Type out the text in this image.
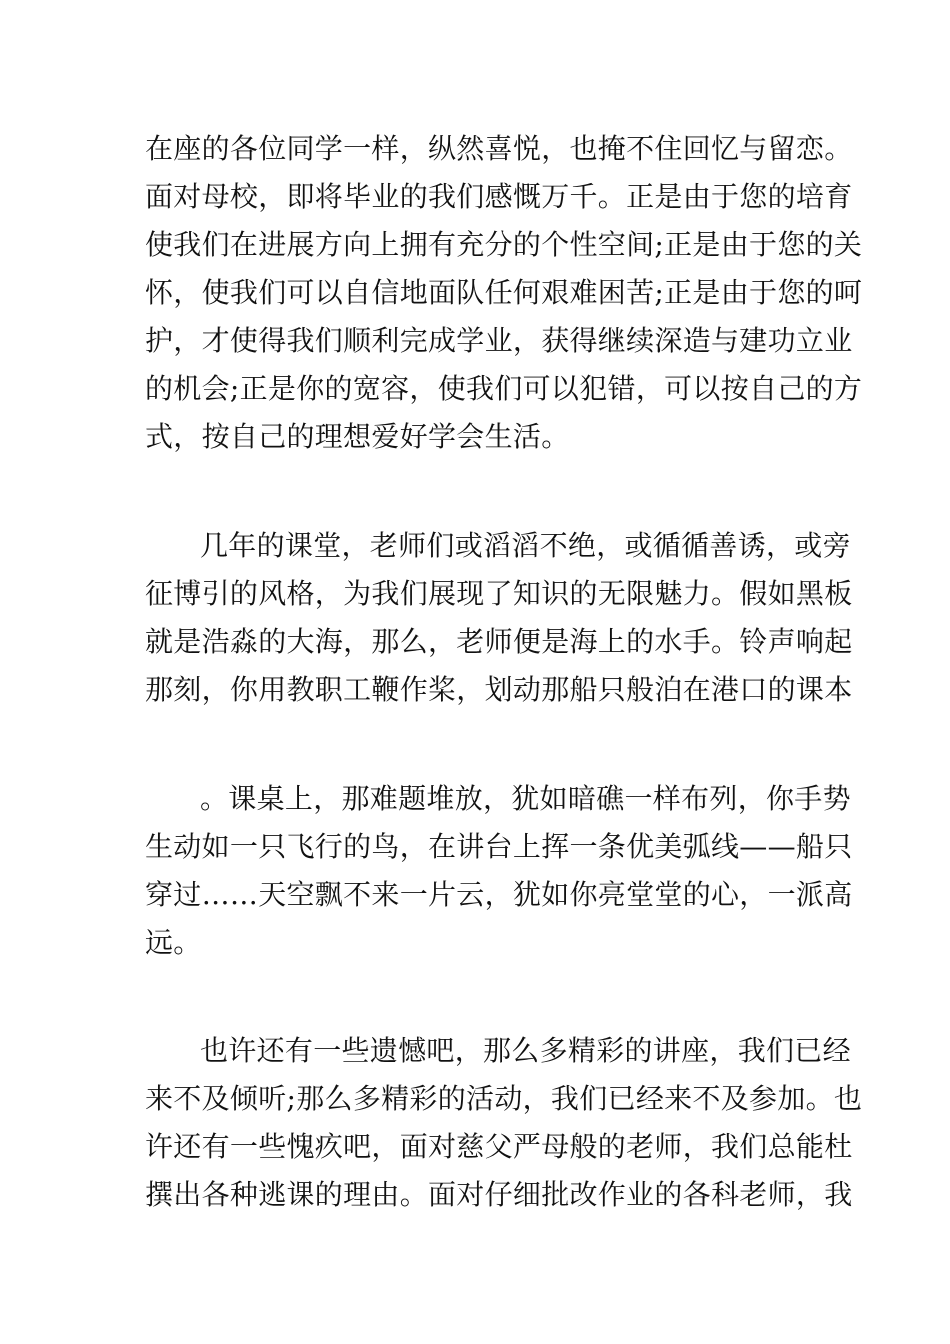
在座的各位同学一样，纵然喜悦，也掩不住回忆与留恋。
面对母校，即将毕业的我们感慨万千。正是由于您的培育
使我们在进展方向上拥有充分的个性空间;正是由于您的关
怀，使我们可以自信地面队任何艰难困苦;正是由于您的呵
护，才使得我们顺利完成学业，获得继续深造与建功立业
的机会;正是你的宽容，使我们可以犯错，可以按自己的方
式，按自己的理想爱好学会生活。
几年的课堂，老师们或滔滔不绝，或循循善诱，或旁
征博引的风格，为我们展现了知识的无限魅力。假如黑板
就是浩淼的大海，那么，老师便是海上的水手。铃声响起
那刻，你用教职工鞭作桨，划动那船只般泊在港口的课本
。课桌上，那难题堆放，犹如暗礁一样布列，你手势
生动如一只飞行的鸟，在讲台上挥一条优美弧线——船只
穿过……天空飘不来一片云，犹如你亮堂堂的心，一派高
远。
也许还有一些遗憾吧，那么多精彩的讲座，我们已经
来不及倾听;那么多精彩的活动，我们已经来不及参加。也
许还有一些愧疚吧，面对慈父严母般的老师，我们总能杜
撰出各种逃课的理由。面对仔细批改作业的各科老师，我
